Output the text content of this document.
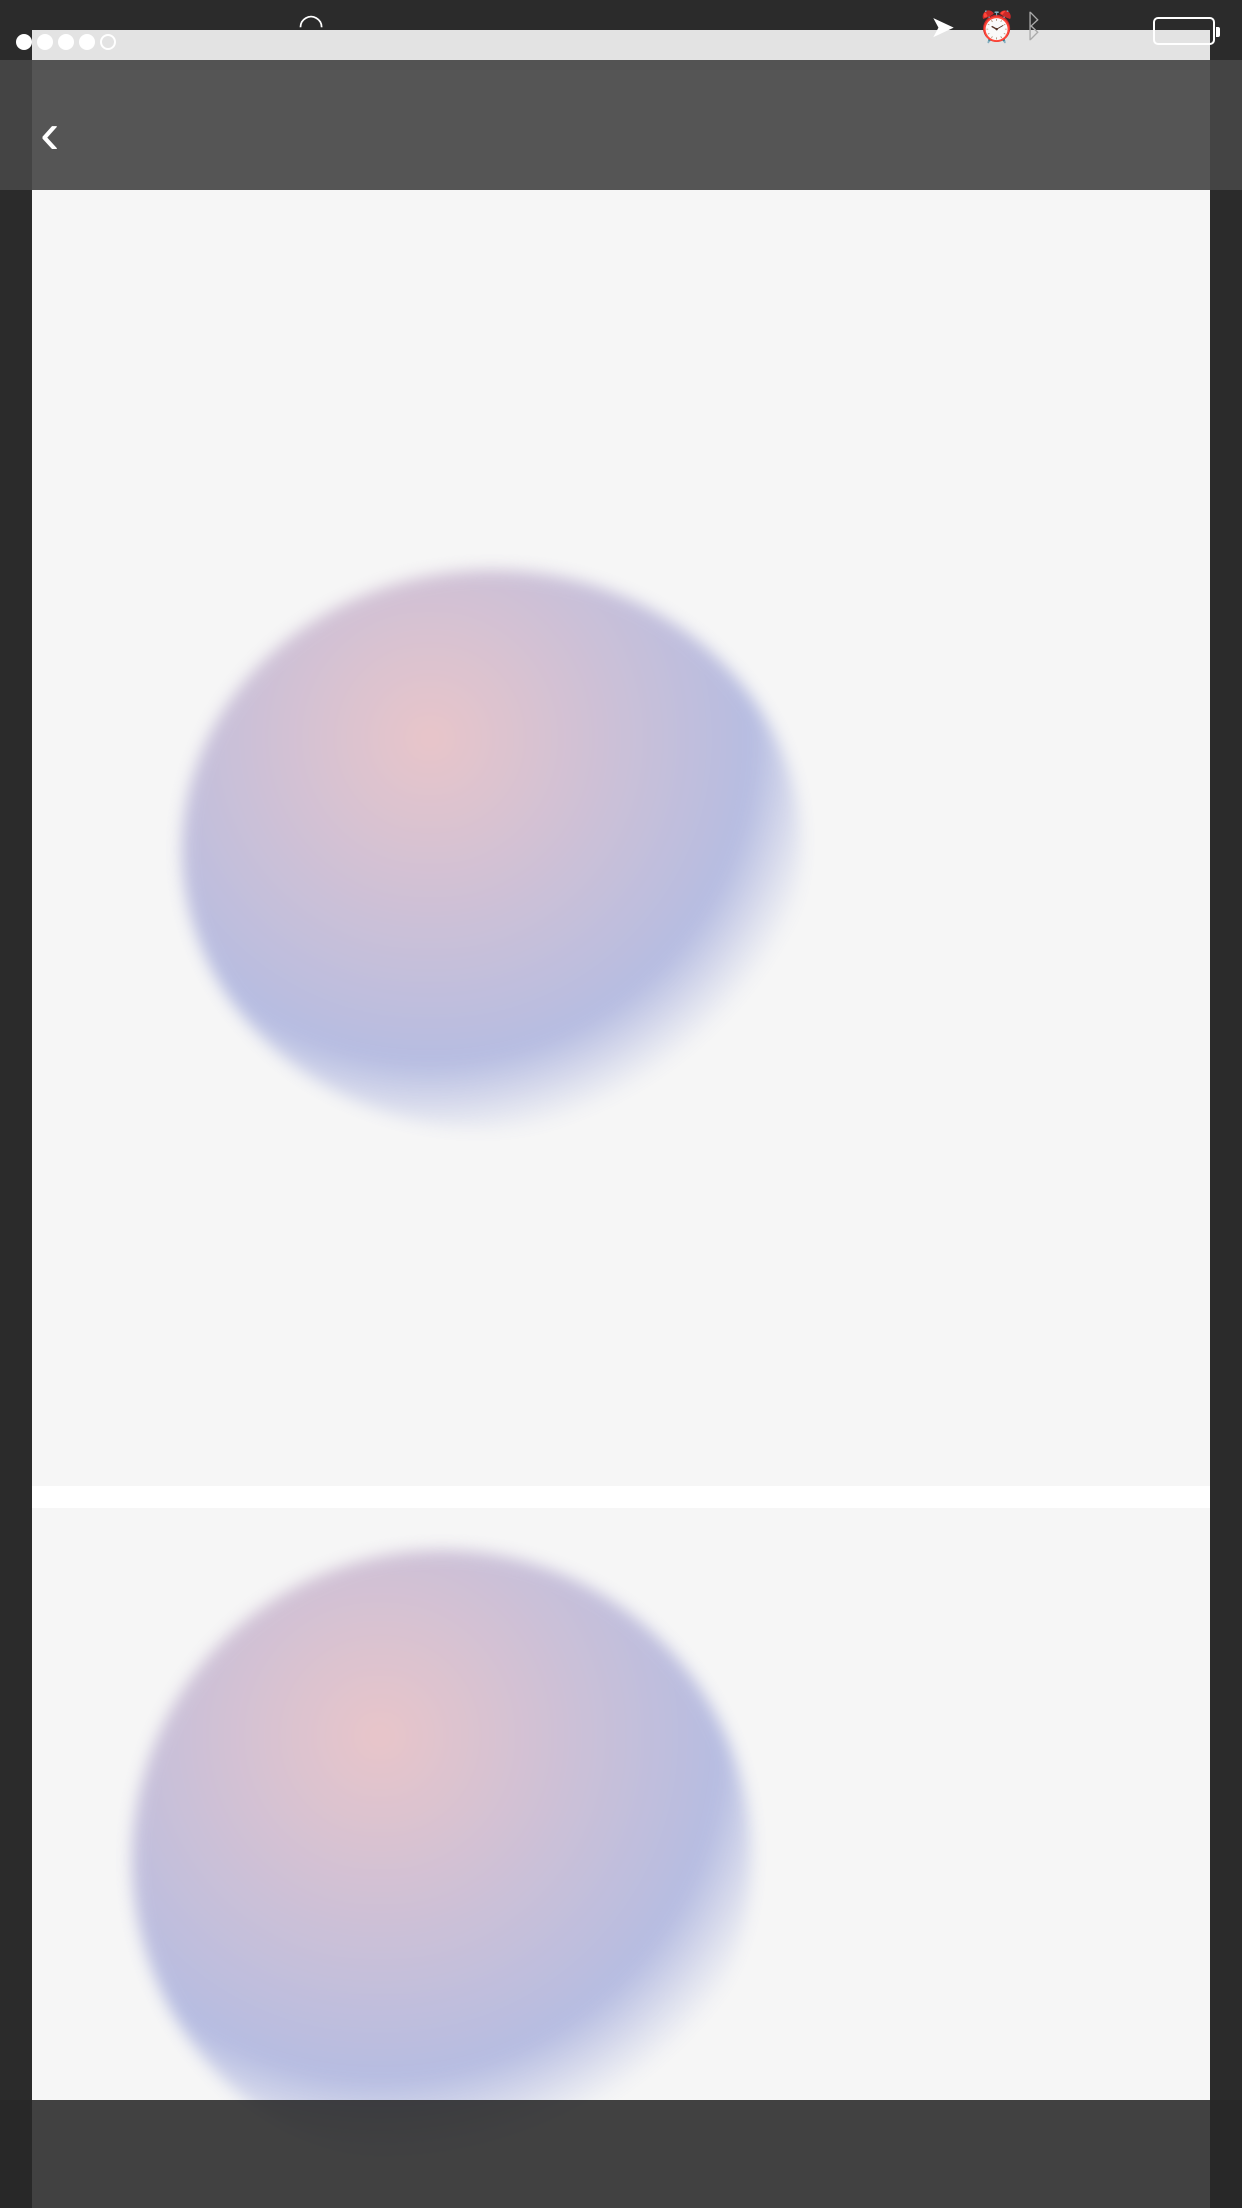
◠	➤ ⏰ ᛒ
‹
